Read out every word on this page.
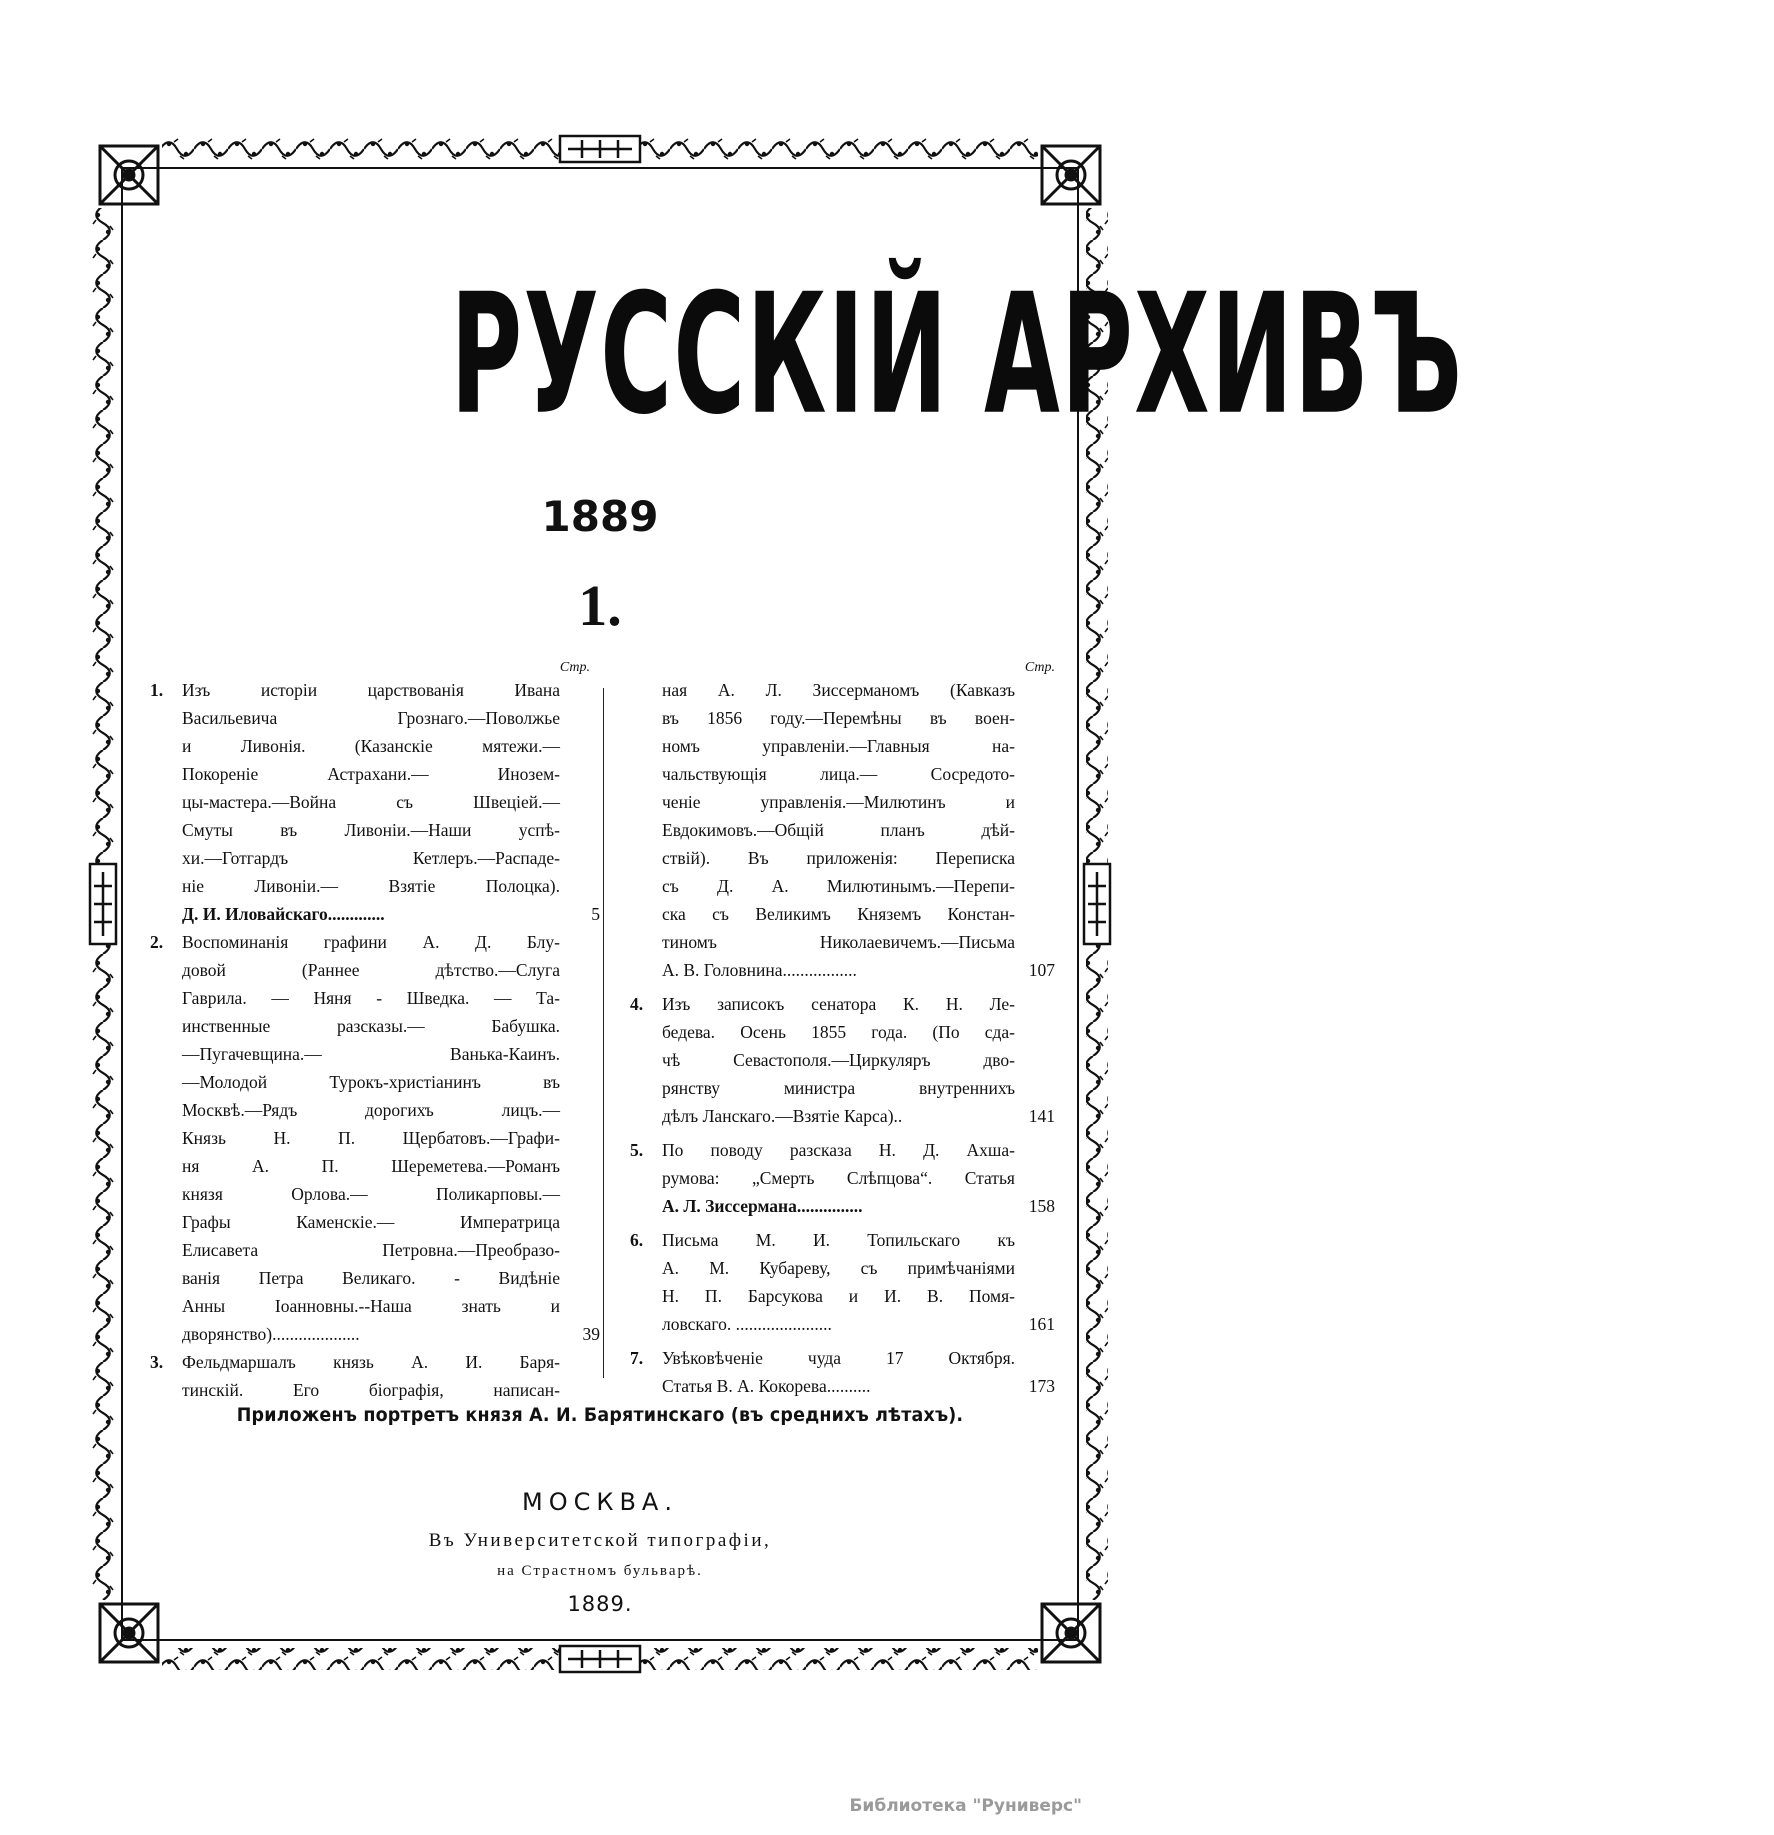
РУССКІЙ АРХИВЪ
1889
1.
Стр.
1. Изъ исторіи царствованія Ивана
Васильевича Грознаго.—Поволжье
и Ливонія. (Казанскіе мятежи.—
Покореніе Астрахани.— Инозем-
цы-мастера.—Война съ Швеціей.—
Смуты въ Ливоніи.—Наши успѣ-
хи.—Готгардъ Кетлеръ.—Распаде-
ніе Ливоніи.— Взятіе Полоцка).
Д. И. Иловайскаго.............	5
2. Воспоминанія графини А. Д. Блу-
довой (Раннее дѣтство.—Слуга
Гаврила. — Няня - Шведка. — Та-
инственные разсказы.— Бабушка.
—Пугачевщина.— Ванька-Каинъ.
—Молодой Турокъ-христіанинъ въ
Москвѣ.—Рядъ дорогихъ лицъ.—
Князь Н. П. Щербатовъ.—Графи-
ня А. П. Шереметева.—Романъ
князя Орлова.— Поликарповы.—
Графы Каменскіе.— Императрица
Елисавета Петровна.—Преобразо-
ванія Петра Великаго. - Видѣніе
Анны Іоанновны.--Наша знать и
дворянство)....................	39
3. Фельдмаршалъ князь А. И. Баря-
тинскій. Его біографія, написан-
Стр.
ная А. Л. Зиссерманомъ (Кавказъ
въ 1856 году.—Перемѣны въ воен-
номъ управленіи.—Главныя на-
чальствующія лица.— Сосредото-
ченіе управленія.—Милютинъ и
Евдокимовъ.—Общій планъ дѣй-
ствій). Въ приложенія: Переписка
съ Д. А. Милютинымъ.—Перепи-
ска съ Великимъ Княземъ Констан-
тиномъ Николаевичемъ.—Письма
А. В. Головнина.................	107
4. Изъ записокъ сенатора К. Н. Ле-
бедева. Осень 1855 года. (По сда-
чѣ Севастополя.—Циркуляръ дво-
рянству министра внутреннихъ
дѣлъ Ланскаго.—Взятіе Карса)..	141
5. По поводу разсказа Н. Д. Ахша-
румова: „Смерть Слѣпцова“. Статья
А. Л. Зиссермана...............	158
6. Письма М. И. Топильскаго къ
А. М. Кубареву, съ примѣчаніями
Н. П. Барсукова и И. В. Помя-
ловскаго. ......................	161
7. Увѣковѣченіе чуда 17 Октября.
Статья В. А. Кокорева..........	173
Приложенъ портретъ князя А. И. Барятинскаго (въ среднихъ лѣтахъ).
МОСКВА.
Въ Университетской типографіи,
на Страстномъ бульварѣ.
1889.
Библиотека "Руниверс"
